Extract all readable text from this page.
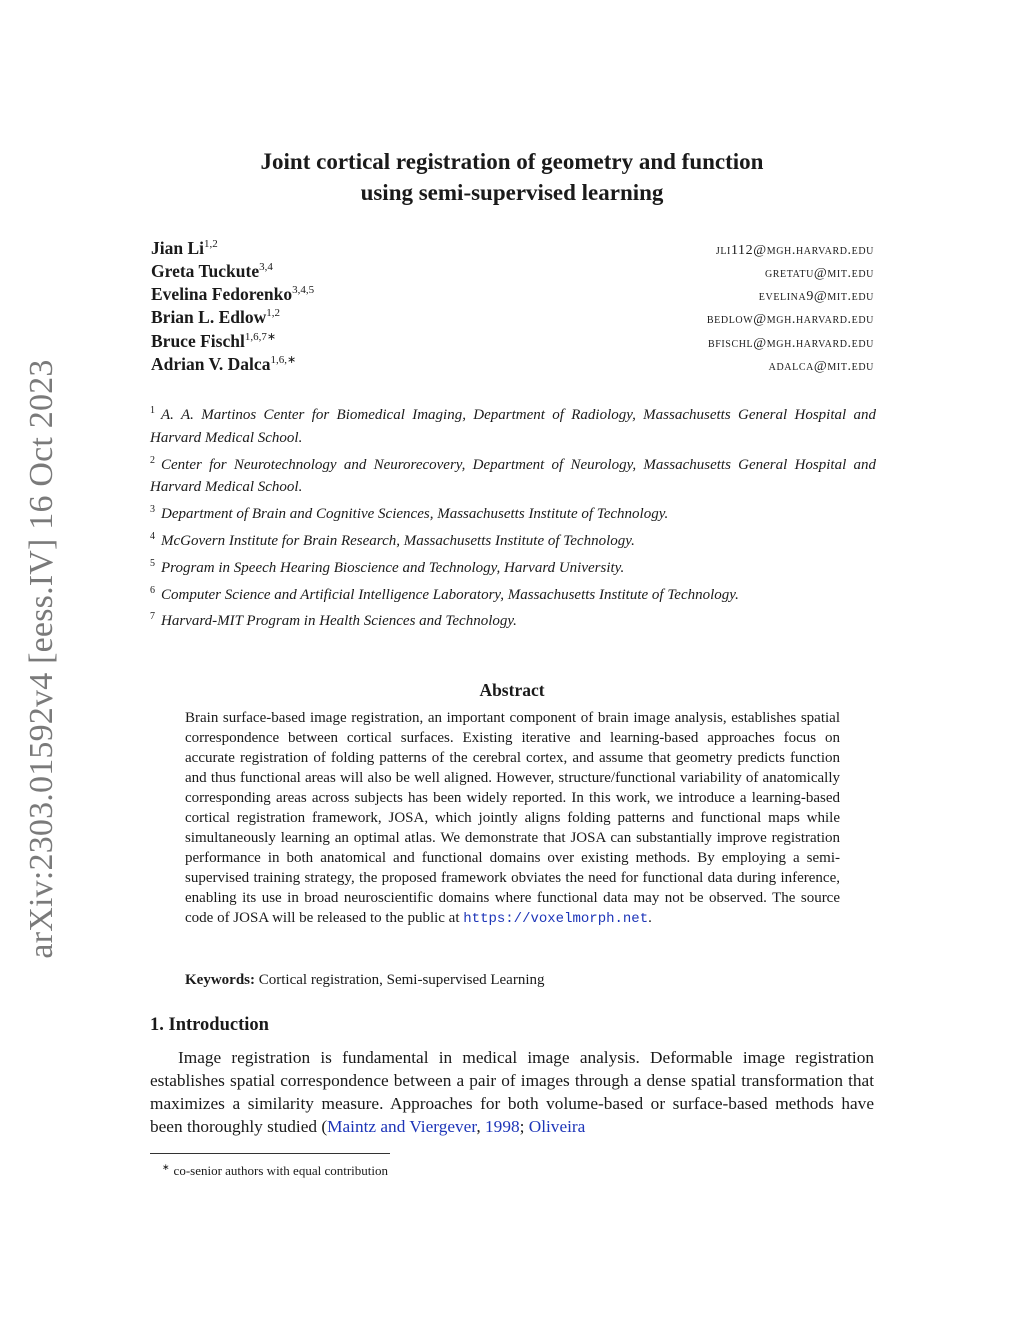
arXiv:2303.01592v4 [eess.IV] 16 Oct 2023
Joint cortical registration of geometry and function
using semi-supervised learning
Jian Li$^{1,2}$	jli112@mgh.harvard.edu
Greta Tuckute$^{3,4}$	gretatu@mit.edu
Evelina Fedorenko$^{3,4,5}$	evelina9@mit.edu
Brian L. Edlow$^{1,2}$	bedlow@mgh.harvard.edu
Bruce Fischl$^{1,6,7∗}$	bfischl@mgh.harvard.edu
Adrian V. Dalca$^{1,6,∗}$	adalca@mit.edu
$^1$ A. A. Martinos Center for Biomedical Imaging, Department of Radiology, Massachusetts General Hospital and Harvard Medical School.
$^2$ Center for Neurotechnology and Neurorecovery, Department of Neurology, Massachusetts General Hospital and Harvard Medical School.
$^3$ Department of Brain and Cognitive Sciences, Massachusetts Institute of Technology.
$^4$ McGovern Institute for Brain Research, Massachusetts Institute of Technology.
$^5$ Program in Speech Hearing Bioscience and Technology, Harvard University.
$^6$ Computer Science and Artificial Intelligence Laboratory, Massachusetts Institute of Technology.
$^7$ Harvard-MIT Program in Health Sciences and Technology.
Abstract
Brain surface-based image registration, an important component of brain image analysis, establishes spatial correspondence between cortical surfaces. Existing iterative and learning-based approaches focus on accurate registration of folding patterns of the cerebral cortex, and assume that geometry predicts function and thus functional areas will also be well aligned. However, structure/functional variability of anatomically corresponding areas across subjects has been widely reported. In this work, we introduce a learning-based cortical registration framework, JOSA, which jointly aligns folding patterns and functional maps while simultaneously learning an optimal atlas. We demonstrate that JOSA can substantially improve registration performance in both anatomical and functional domains over existing methods. By employing a semi-supervised training strategy, the proposed framework obviates the need for functional data during inference, enabling its use in broad neuroscientific domains where functional data may not be observed. The source code of JOSA will be released to the public at https://voxelmorph.net.
Keywords: Cortical registration, Semi-supervised Learning
1. Introduction
Image registration is fundamental in medical image analysis. Deformable image registration establishes spatial correspondence between a pair of images through a dense spatial transformation that maximizes a similarity measure. Approaches for both volume-based or surface-based methods have been thoroughly studied (Maintz and Viergever, 1998; Oliveira
∗ co-senior authors with equal contribution
